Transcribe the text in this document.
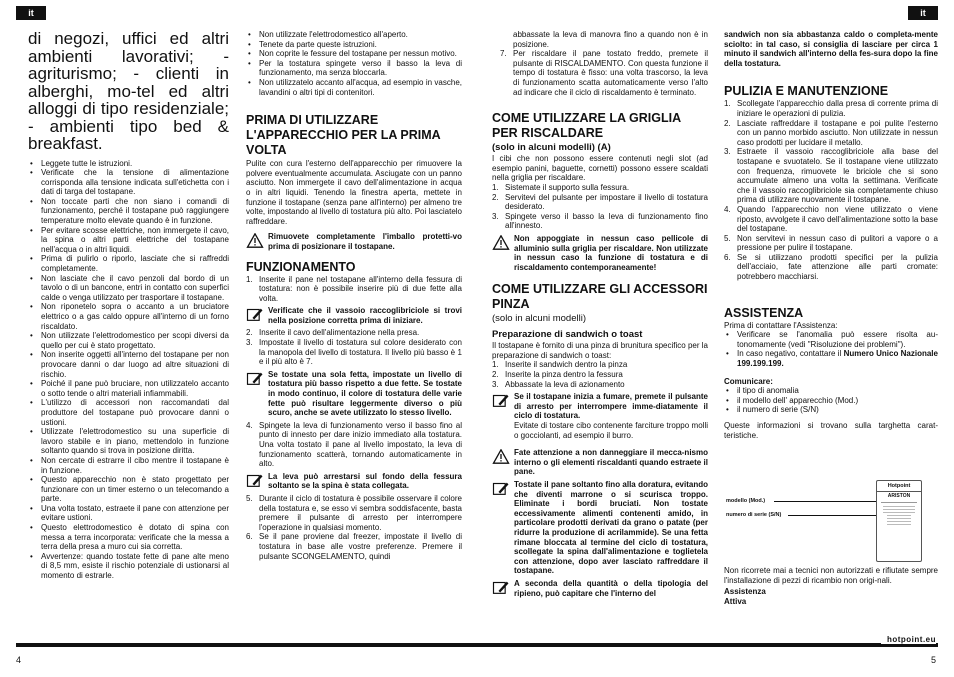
it	it
di negozi, uffici ed altri ambienti lavorativi; - agriturismo; - clienti in alberghi, mo-tel ed altri alloggi di tipo residenziale; - ambienti tipo bed & breakfast.
• Leggete tutte le istruzioni.
• Verificate che la tensione di alimentazione corrisponda alla tensione indicata sull'etichetta con i dati di targa del tostapane.
• Non toccate parti che non siano i comandi di funzionamento, perché il tostapane può raggiungere temperature molto elevate quando è in funzione.
• Per evitare scosse elettriche, non immergete il cavo, la spina o altri parti elettriche del tostapane nell'acqua o in altri liquidi.
• Prima di pulirlo o riporlo, lasciate che si raffreddi completamente.
• Non lasciate che il cavo penzoli dal bordo di un tavolo o di un bancone, entri in contatto con superfici calde o venga utilizzato per trasportare il tostapane.
• Non riponetelo sopra o accanto a un bruciatore elettrico o a gas caldo oppure all'interno di un forno riscaldato.
• Non utilizzate l'elettrodomestico per scopi diversi da quello per cui è stato progettato.
• Non inserite oggetti all'interno del tostapane per non provocare danni o dar luogo ad altre situazioni di rischio.
• Poiché il pane può bruciare, non utilizzatelo accanto o sotto tende o altri materiali infiammabili.
• L'utilizzo di accessori non raccomandati dal produttore del tostapane può provocare danni o ustioni.
• Utilizzate l'elettrodomestico su una superficie di lavoro stabile e in piano, mettendolo in funzione soltanto quando si trova in posizione diritta.
• Non cercate di estrarre il cibo mentre il tostapane è in funzione.
• Questo apparecchio non è stato progettato per funzionare con un timer esterno o un telecomando a parte.
• Una volta tostato, estraete il pane con attenzione per evitare ustioni.
• Questo elettrodomestico è dotato di spina con messa a terra incorporata: verificate che la messa a terra della presa a muro cui sia corretta.
• Avvertenze: quando tostate fette di pane alte meno di 8,5 mm, esiste il rischio potenziale di ustionarsi al momento di estrarle.
• Non utilizzate l'elettrodomestico all'aperto.
• Tenete da parte queste istruzioni.
• Non coprite le fessure del tostapane per nessun motivo.
• Per la tostatura spingete verso il basso la leva di funzionamento, ma senza bloccarla.
• Non utilizzatelo accanto all'acqua, ad esempio in vasche, lavandini o altri tipi di contenitori.
PRIMA DI UTILIZZARE L'APPARECCHIO PER LA PRIMA VOLTA
Pulite con cura l'esterno dell'apparecchio per rimuovere la polvere eventualmente accumulata. Asciugate con un panno asciutto. Non immergete il cavo dell'alimentazione in acqua o in altri liquidi. Tenendo la finestra aperta, mettete in funzione il tostapane (senza pane all'interno) per almeno tre volte, impostando al livello di tostatura più alto. Poi lasciatelo raffreddare.
Rimuovete completamente l'imballo protetti-vo prima di posizionare il tostapane.
FUNZIONAMENTO
1. Inserite il pane nel tostapane all'interno della fessura di tostatura: non è possibile inserire più di due fette alla volta.
Verificate che il vassoio raccoglibriciole si trovi nella posizione corretta prima di iniziare.
2. Inserite il cavo dell'alimentazione nella presa.
3. Impostate il livello di tostatura sul colore desiderato con la manopola del livello di tostatura. Il livello più basso è 1 e il più alto è 7.
Se tostate una sola fetta, impostate un livello di tostatura più basso rispetto a due fette. Se tostate in modo continuo, il colore di tostatura delle varie fette può risultare leggermente diverso o più scuro, anche se avete utilizzato lo stesso livello.
4. Spingete la leva di funzionamento verso il basso fino al punto di innesto per dare inizio immediato alla tostatura. Una volta tostato il pane al livello impostato, la leva di funzionamento scatterà, tornando automaticamente in alto.
La leva può arrestarsi sul fondo della fessura soltanto se la spina è stata collegata.
5. Durante il ciclo di tostatura è possibile osservare il colore della tostatura e, se esso vi sembra soddisfacente, basta premere il pulsante di arresto per interrompere l'operazione in qualsiasi momento.
6. Se il pane proviene dal freezer, impostate il livello di tostatura in base alle vostre preferenze. Premere il pulsante SCONGELAMENTO, quindi
abbassate la leva di manovra fino a quando non è in posizione.
7. Per riscaldare il pane tostato freddo, premete il pulsante di RISCALDAMENTO. Con questa funzione il tempo di tostatura è fisso: una volta trascorso, la leva di funzionamento scatta automaticamente verso l'alto ad indicare che il ciclo di riscaldamento è terminato.
COME UTILIZZARE LA GRIGLIA PER RISCALDARE
(solo in alcuni modelli) (A)
I cibi che non possono essere contenuti negli slot (ad esempio panini, baguette, cornetti) possono essere scaldati nella griglia per riscaldare.
1. Sistemate il supporto sulla fessura.
2. Servitevi del pulsante per impostare il livello di tostatura desiderato.
3. Spingete verso il basso la leva di funzionamento fino all'innesto.
Non appoggiate in nessun caso pellicole di alluminio sulla griglia per riscaldare. Non utilizzate in nessun caso la funzione di tostatura e di riscaldamento contemporaneamente!
COME UTILIZZARE GLI ACCESSORI PINZA
(solo in alcuni modelli)
Preparazione di sandwich o toast
Il tostapane è fornito di una pinza di brunitura specifico per la preparazione di sandwich o toast:
1. Inserite il sandwich dentro la pinza
2. Inserite la pinza dentro la fessura
3. Abbassate la leva di azionamento
Se il tostapane inizia a fumare, premete il pulsante di arresto per interrompere imme-diatamente il ciclo di tostatura.
Evitate di tostare cibo contenente farciture troppo molli o gocciolanti, ad esempio il burro.
Fate attenzione a non danneggiare il mecca-nismo interno o gli elementi riscaldanti quando estraete il pane.
Tostate il pane soltanto fino alla doratura, evitando che diventi marrone o si scurisca troppo. Eliminate i bordi bruciati. Non tostate eccessivamente alimenti contenenti amido, in particolare prodotti derivati da grano o patate (per ridurre la produzione di acrilammide). Se una fetta rimane bloccata al termine del ciclo di tostatura, scollegate la spina dall'alimentazione e toglietela con attenzione, dopo aver lasciato raffreddare il tostapane.
A seconda della quantità o della tipologia del ripieno, può capitare che l'interno del
sandwich non sia abbastanza caldo o completa-mente sciolto: in tal caso, si consiglia di lasciare per circa 1 minuto il sandwich all'interno della fes-sura dopo la fine della tostatura.
PULIZIA E MANUTENZIONE
1. Scollegate l'apparecchio dalla presa di corrente prima di iniziare le operazioni di pulizia.
2. Lasciate raffreddare il tostapane e poi pulite l'esterno con un panno morbido asciutto. Non utilizzate in nessun caso prodotti per lucidare il metallo.
3. Estraete il vassoio raccoglibriciole alla base del tostapane e svuotatelo. Se il tostapane viene utilizzato con frequenza, rimuovete le briciole che si sono accumulate almeno una volta la settimana. Verificate che il vassoio raccoglibriciole sia completamente chiuso prima di utilizzare nuovamente il tostapane.
4. Quando l'apparecchio non viene utilizzato o viene riposto, avvolgete il cavo dell'alimentazione sotto la base del tostapane.
5. Non servitevi in nessun caso di pulitori a vapore o a pressione per pulire il tostapane.
6. Se si utilizzano prodotti specifici per la pulizia dell'acciaio, fate attenzione alle parti cromate: potrebbero macchiarsi.
ASSISTENZA
Prima di contattare l'Assistenza:
• Verificare se l'anomalia può essere risolta au-tonomamente (vedi "Risoluzione dei problemi").
• In caso negativo, contattare il Numero Unico Nazionale 199.199.199.
Comunicare:
• il tipo di anomalia
• il modello dell' apparecchio (Mod.)
• il numero di serie (S/N)
Queste informazioni si trovano sulla targhetta carat-teristiche.
modello (Mod.)
numero di serie (S/N)
Hotpoint
ARISTON
Non ricorrete mai a tecnici non autorizzati e rifiutate sempre l'installazione di pezzi di ricambio non origi-nali.
Assistenza
Attiva
hotpoint.eu
4	5
